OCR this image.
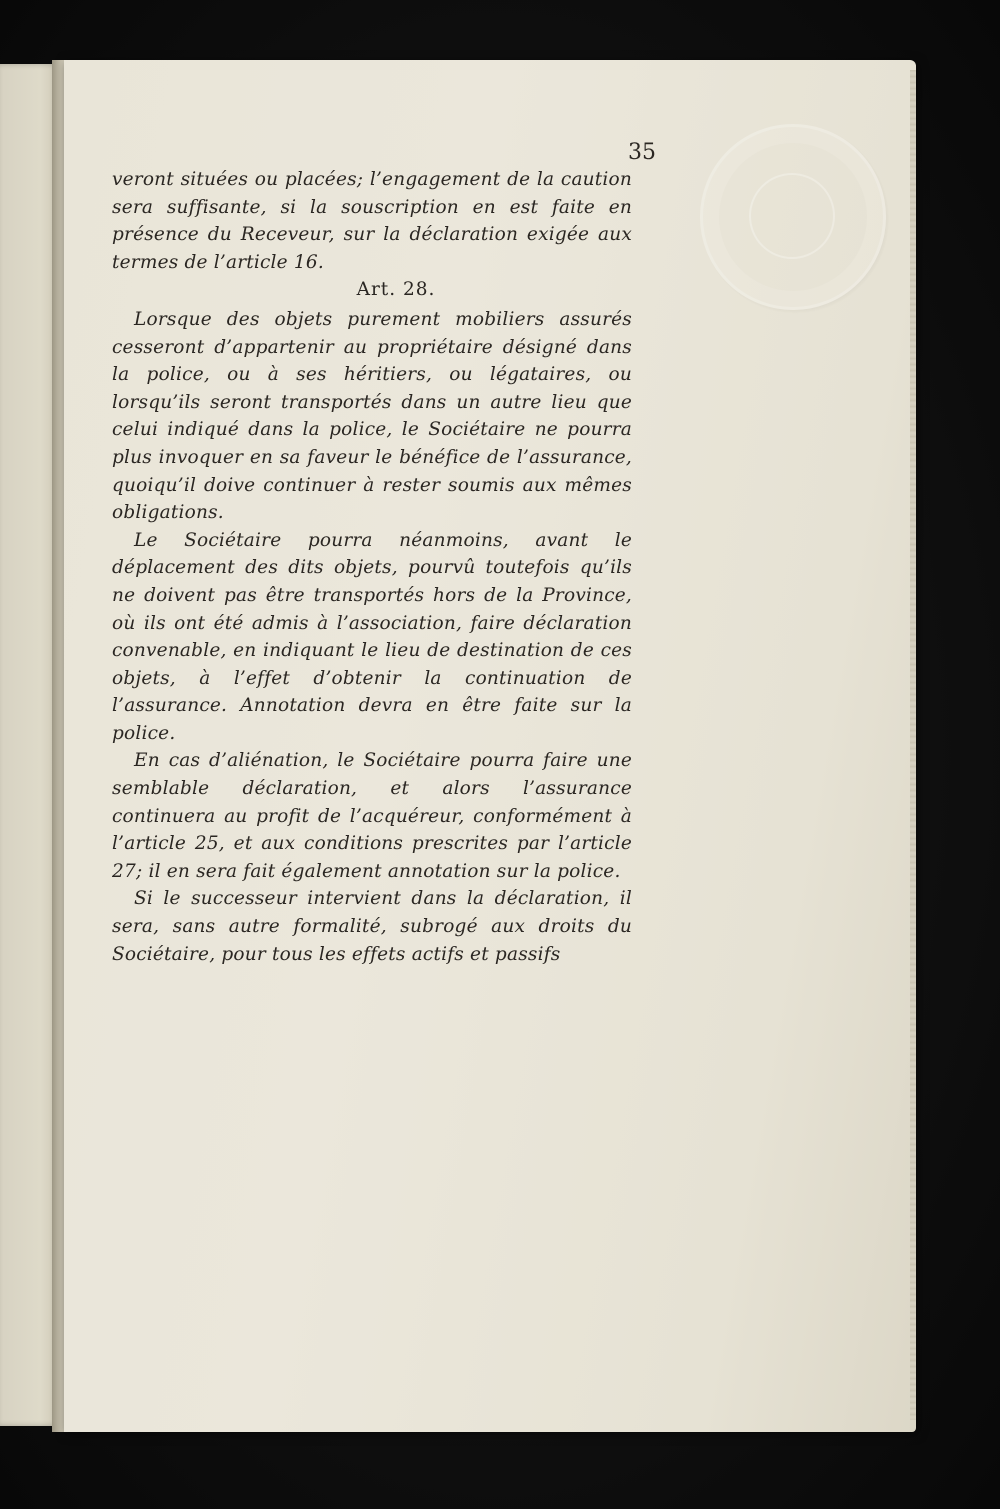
35

veront situées ou placées; l’engagement de la caution sera suffisante, si la souscription en est faite en présence du Receveur, sur la déclaration exigée aux termes de l’article 16.

Art. 28.

Lorsque des objets purement mobiliers assurés cesseront d’appartenir au propriétaire désigné dans la police, ou à ses héritiers, ou légataires, ou lorsqu’ils seront transportés dans un autre lieu que celui indiqué dans la police, le Sociétaire ne pourra plus invoquer en sa faveur le bénéfice de l’assurance, quoiqu’il doive continuer à rester soumis aux mêmes obligations.

Le Sociétaire pourra néanmoins, avant le déplacement des dits objets, pourvû toutefois qu’ils ne doivent pas être transportés hors de la Province, où ils ont été admis à l’association, faire déclaration convenable, en indiquant le lieu de destination de ces objets, à l’effet d’obtenir la continuation de l’assurance. Annotation devra en être faite sur la police.

En cas d’aliénation, le Sociétaire pourra faire une semblable déclaration, et alors l’assurance continuera au profit de l’acquéreur, conformément à l’article 25, et aux conditions prescrites par l’article 27; il en sera fait également annotation sur la police.

Si le successeur intervient dans la déclaration, il sera, sans autre formalité, subrogé aux droits du Sociétaire, pour tous les effets actifs et passifs
